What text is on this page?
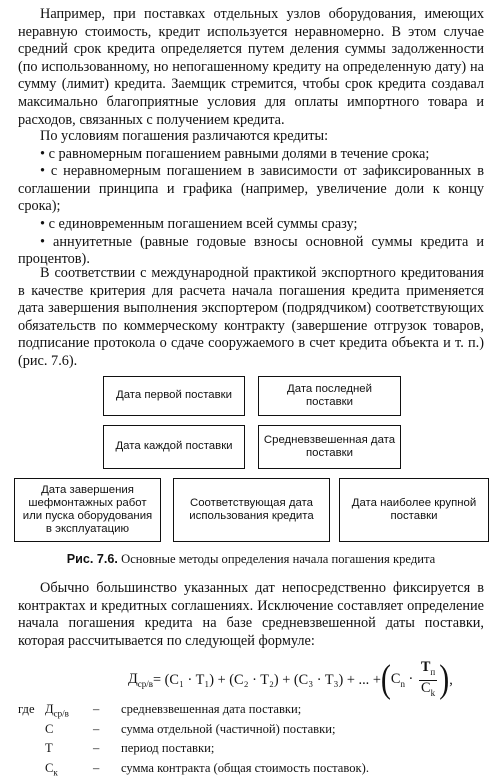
Например, при поставках отдельных узлов оборудования, имеющих неравную стоимость, кредит используется неравномерно. В этом случае средний срок кредита определяется путем деления суммы задолженности (по использованному, но непогашенному кредиту на определенную дату) на сумму (лимит) кредита. Заемщик стремится, чтобы срок кредита создавал максимально благоприятные условия для оплаты импортного товара и расходов, связанных с получением кредита.
По условиям погашения различаются кредиты:
• с равномерным погашением равными долями в течение срока;
• с неравномерным погашением в зависимости от зафиксированных в соглашении принципа и графика (например, увеличение доли к концу срока);
• с единовременным погашением всей суммы сразу;
• аннуитетные (равные годовые взносы основной суммы кредита и процентов).
В соответствии с международной практикой экспортного кредитования в качестве критерия для расчета начала погашения кредита применяется дата завершения выполнения экспортером (подрядчиком) соответствующих обязательств по коммерческому контракту (завершение отгрузок товаров, подписание протокола о сдаче сооружаемого в счет кредита объекта и т. п.) (рис. 7.6).
Дата первой поставки
Дата последней поставки
Дата каждой поставки
Средневзвешенная дата поставки
Дата завершения шефмонтажных работ или пуска оборудования в эксплуатацию
Соответствующая дата использования кредита
Дата наиболее крупной поставки
Рис. 7.6. Основные методы определения начала погашения кредита
Обычно большинство указанных дат непосредственно фиксируется в контрактах и кредитных соглашениях. Исключение составляет определение начала погашения кредита на базе средневзвешенной даты поставки, которая рассчитывается по следующей формуле:
$Д_{ср/в} = (C_1 \cdot T_1) + (C_2 \cdot T_2) + (C_3 \cdot T_3)$ + ... + ( $C_n \cdot \frac{T_п}{C_k}$ ) ,
где $Д_{ср/в}$	–	средневзвешенная дата поставки;
С	–	сумма отдельной (частичной) поставки;
Т	–	период поставки;
$С_к$	–	сумма контракта (общая стоимость поставок).
